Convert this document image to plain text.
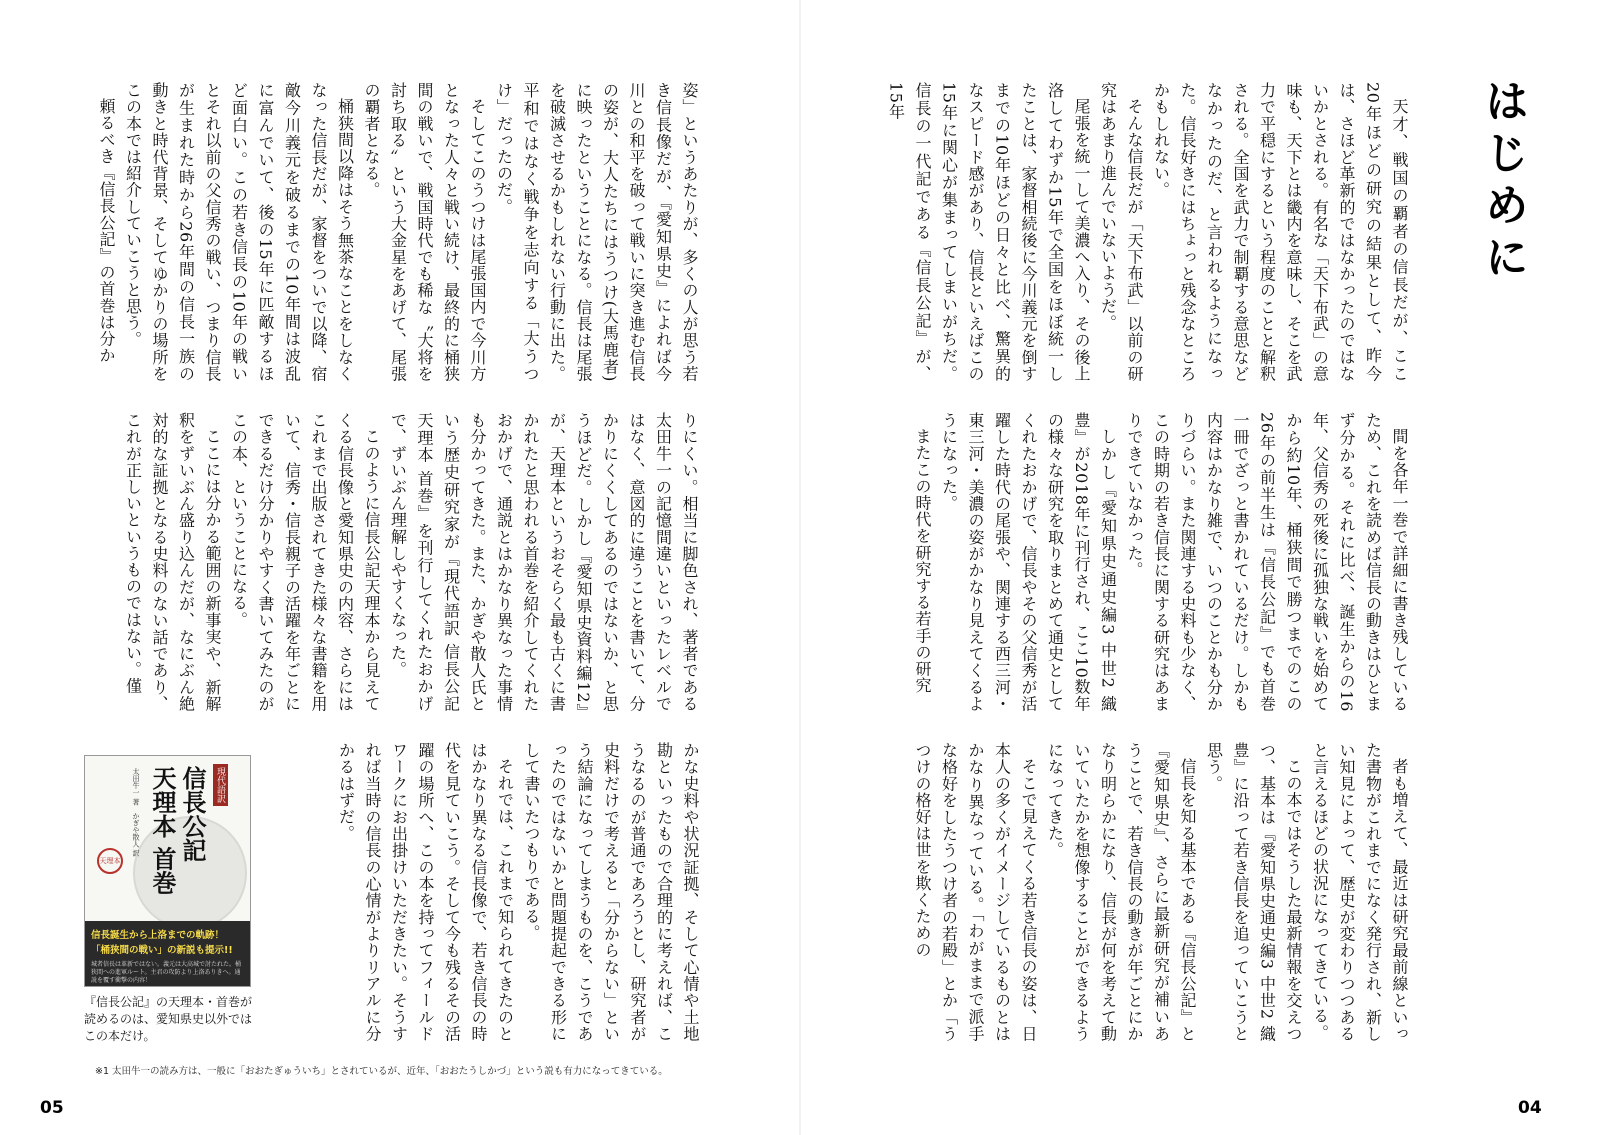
はじめに

天才、戦国の覇者の信長だが、ここ20年ほどの研究の結果として、昨今は、さほど革新的ではなかったのではないかとされる。有名な「天下布武」の意味も、天下とは畿内を意味し、そこを武力で平穏にするという程度のことと解釈される。全国を武力で制覇する意思などなかったのだ、と言われるようになった。信長好きにはちょっと残念なところかもしれない。

そんな信長だが「天下布武」以前の研究はあまり進んでいないようだ。

尾張を統一して美濃へ入り、その後上洛してわずか15年で全国をほぼ統一したことは、家督相続後に今川義元を倒すまでの10年ほどの日々と比べ、驚異的なスピード感があり、信長といえばこの15年に関心が集まってしまいがちだ。信長の一代記である『信長公記』が、15年

間を各年一巻で詳細に書き残しているため、これを読めば信長の動きはひとまず分かる。それに比べ、誕生からの16年、父信秀の死後に孤独な戦いを始めてから約10年、桶狭間で勝つまでのこの26年の前半生は『信長公記』でも首巻一冊でざっと書かれているだけ。しかも内容はかなり雑で、いつのことかも分かりづらい。また関連する史料も少なく、この時期の若き信長に関する研究はあまりできていなかった。

しかし『愛知県史通史編3 中世2 織豊』が2018年に刊行され、ここ10数年の様々な研究を取りまとめて通史としてくれたおかげで、信長やその父信秀が活躍した時代の尾張や、関連する西三河・東三河・美濃の姿がかなり見えてくるようになった。

またこの時代を研究する若手の研究

者も増えて、最近は研究最前線といった書物がこれまでになく発行され、新しい知見によって、歴史が変わりつつあると言えるほどの状況になってきている。

この本ではそうした最新情報を交えつつ、基本は『愛知県史通史編3 中世2 織豊』に沿って若き信長を追っていこうと思う。

信長を知る基本である『信長公記』と『愛知県史』、さらに最新研究が補いあうことで、若き信長の動きが年ごとにかなり明らかになり、信長が何を考えて動いていたかを想像することができるようになってきた。

そこで見えてくる若き信長の姿は、日本人の多くがイメージしているものとはかなり異なっている。「わがままで派手な格好をしたうつけ者の若殿」とか「うつけの格好は世を欺くための

04

姿」というあたりが、多くの人が思う若き信長像だが、『愛知県史』によれば今川との和平を破って戦いに突き進む信長の姿が、大人たちにはうつけ(大馬鹿者)に映ったということになる。信長は尾張を破滅させるかもしれない行動に出た。平和ではなく戦争を志向する「大うつけ」だったのだ。

そしてこのうつけは尾張国内で今川方となった人々と戦い続け、最終的に桶狭間の戦いで、戦国時代でも稀な〝大将を討ち取る〟という大金星をあげて、尾張の覇者となる。

桶狭間以降はそう無茶なことをしなくなった信長だが、家督をついで以降、宿敵今川義元を破るまでの10年間は波乱に富んでいて、後の15年に匹敵するほど面白い。この若き信長の10年の戦いとそれ以前の父信秀の戦い、つまり信長が生まれた時から26年間の信長一族の動きと時代背景、そしてゆかりの場所をこの本では紹介していこうと思う。

頼るべき『信長公記』の首巻は分か

りにくい。相当に脚色され、著者である太田牛一の記憶間違いといったレベルではなく、意図的に違うことを書いて、分かりにくくしてあるのではないか、と思うほどだ。しかし『愛知県史資料編12』が、天理本というおそらく最も古くに書かれたと思われる首巻を紹介してくれたおかげで、通説とはかなり異なった事情も分かってきた。また、かぎや散人氏という歴史研究家が『現代語訳 信長公記 天理本 首巻』を刊行してくれたおかげで、ずいぶん理解しやすくなった。

このように信長公記天理本から見えてくる信長像と愛知県史の内容、さらにはこれまで出版されてきた様々な書籍を用いて、信秀・信長親子の活躍を年ごとにできるだけ分かりやすく書いてみたのがこの本、ということになる。

ここには分かる範囲の新事実や、新解釈をずいぶん盛り込んだが、なにぶん絶対的な証拠となる史料のない話であり、これが正しいというものではない。僅

かな史料や状況証拠、そして心情や土地勘といったもので合理的に考えれば、こうなるのが普通であろうとし、研究者が史料だけで考えると「分からない」という結論になってしまうものを、こうであったのではないかと問題提起できる形にして書いたつもりである。

それでは、これまで知られてきたのとはかなり異なる信長像で、若き信長の時代を見ていこう。そして今も残るその活躍の場所へ、この本を持ってフィールドワークにお出掛けいただきたい。そうすれば当時の信長の心情がよりリアルに分かるはずだ。

現代語訳
信長公記
天理本 首巻
太田牛一 著　かぎや散人 訳
天理本
信長誕生から上洛までの軌跡！
「桶狭間の戦い」の新説も提示!!
城者信長は革新ではない。義元は大高城で討たれた。桶狭間への進軍ルート。主君の攻防より上洛ありきへ。通説を覆す衝撃の内容！
『信長公記』の天理本・首巻が読めるのは、愛知県史以外ではこの本だけ。
※1 太田牛一の読み方は、一般に「おおたぎゅういち」とされているが、近年、「おおたうしかづ」という説も有力になってきている。
05
